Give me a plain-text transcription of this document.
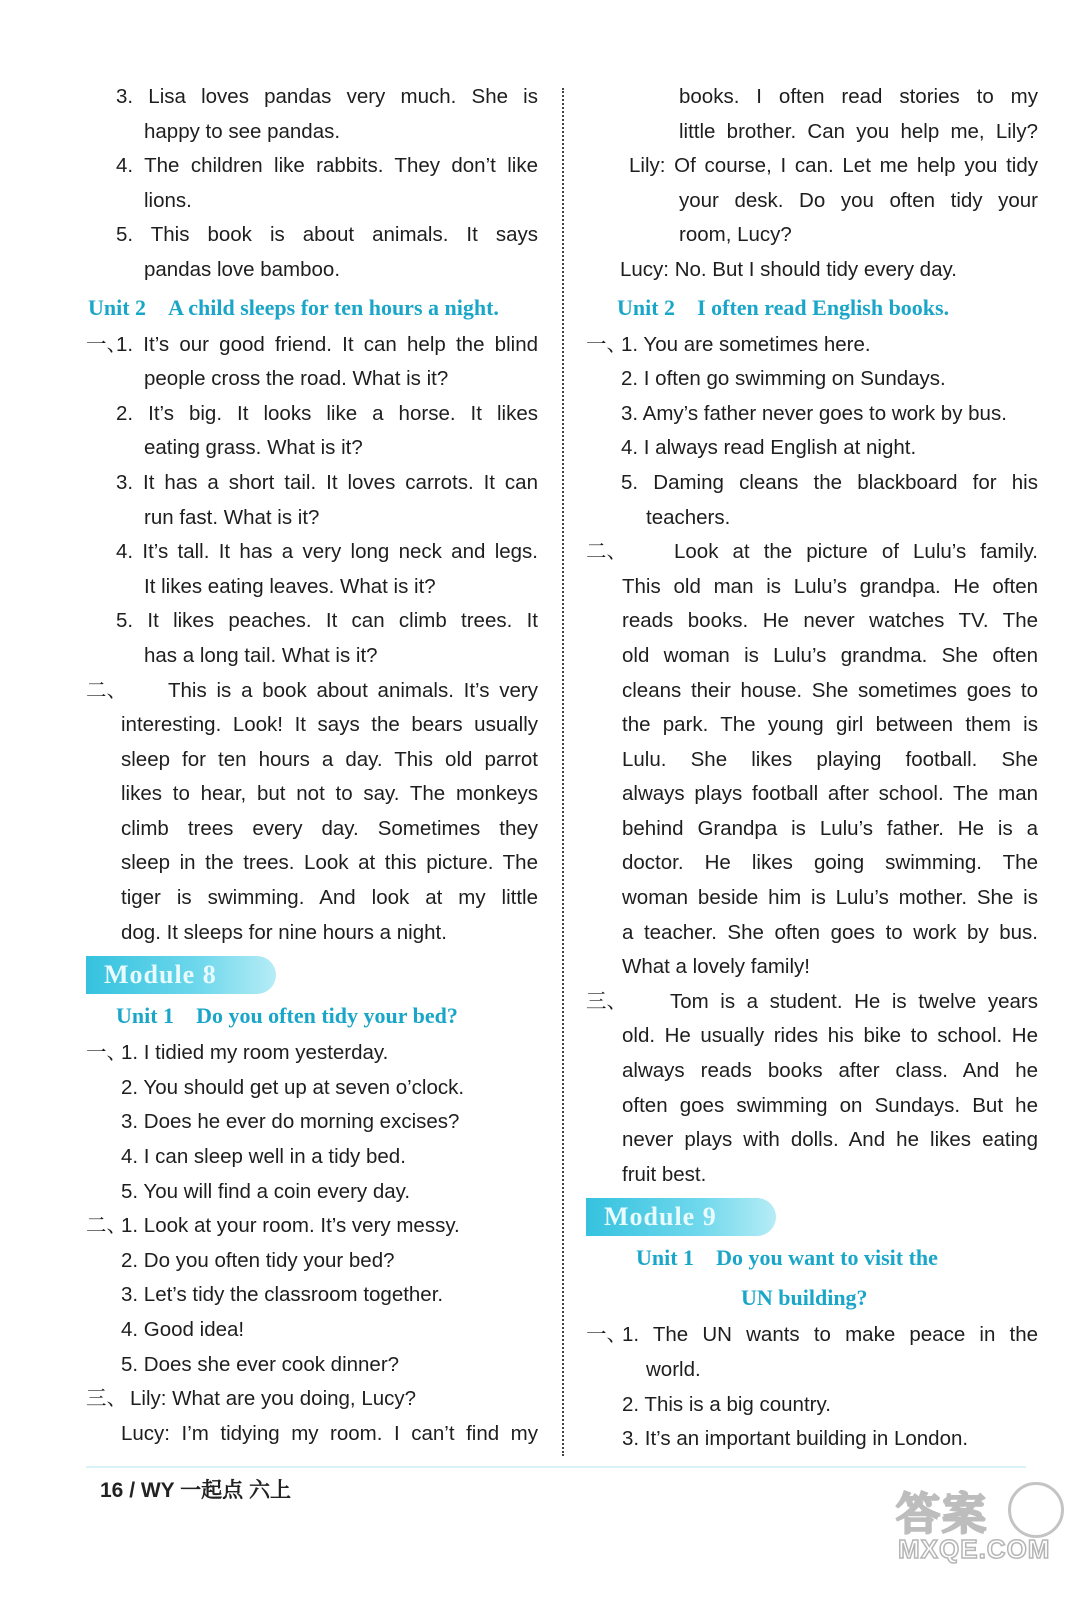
3. Lisa loves pandas very much. She is
happy to see pandas.
4. The children like rabbits. They don’t like
lions.
5. This book is about animals. It says
pandas love bamboo.
Unit 2 A child sleeps for ten hours a night.
一、
1. It’s our good friend. It can help the blind
people cross the road. What is it?
2. It’s big. It looks like a horse. It likes
eating grass. What is it?
3. It has a short tail. It loves carrots. It can
run fast. What is it?
4. It’s tall. It has a very long neck and legs.
It likes eating leaves. What is it?
5. It likes peaches. It can climb trees. It
has a long tail. What is it?
二、 This is a book about animals. It’s very
interesting. Look! It says the bears usually
sleep for ten hours a day. This old parrot
likes to hear, but not to say. The monkeys
climb trees every day. Sometimes they
sleep in the trees. Look at this picture. The
tiger is swimming. And look at my little
dog. It sleeps for nine hours a night.
Module 8
Unit 1 Do you often tidy your bed?
一、
1. I tidied my room yesterday.
2. You should get up at seven o’clock.
3. Does he ever do morning excises?
4. I can sleep well in a tidy bed.
5. You will find a coin every day.
二、
1. Look at your room. It’s very messy.
2. Do you often tidy your bed?
3. Let’s tidy the classroom together.
4. Good idea!
5. Does she ever cook dinner?
三、 Lily: What are you doing, Lucy?
Lucy: I’m tidying my room. I can’t find my
books. I often read stories to my
little brother. Can you help me, Lily?
Lily: Of course, I can. Let me help you tidy
your desk. Do you often tidy your
room, Lucy?
Lucy: No. But I should tidy every day.
Unit 2 I often read English books.
一、
1. You are sometimes here.
2. I often go swimming on Sundays.
3. Amy’s father never goes to work by bus.
4. I always read English at night.
5. Daming cleans the blackboard for his
teachers.
二、 Look at the picture of Lulu’s family.
This old man is Lulu’s grandpa. He often
reads books. He never watches TV. The
old woman is Lulu’s grandma. She often
cleans their house. She sometimes goes to
the park. The young girl between them is
Lulu. She likes playing football. She
always plays football after school. The man
behind Grandpa is Lulu’s father. He is a
doctor. He likes going swimming. The
woman beside him is Lulu’s mother. She is
a teacher. She often goes to work by bus.
What a lovely family!
三、 Tom is a student. He is twelve years
old. He usually rides his bike to school. He
always reads books after class. And he
often goes swimming on Sundays. But he
never plays with dolls. And he likes eating
fruit best.
Module 9
Unit 1 Do you want to visit the
UN building?
一、
1. The UN wants to make peace in the
world.
2. This is a big country.
3. It’s an important building in London.
16 / WY 一起点 六上	答案
MXQE.COM
